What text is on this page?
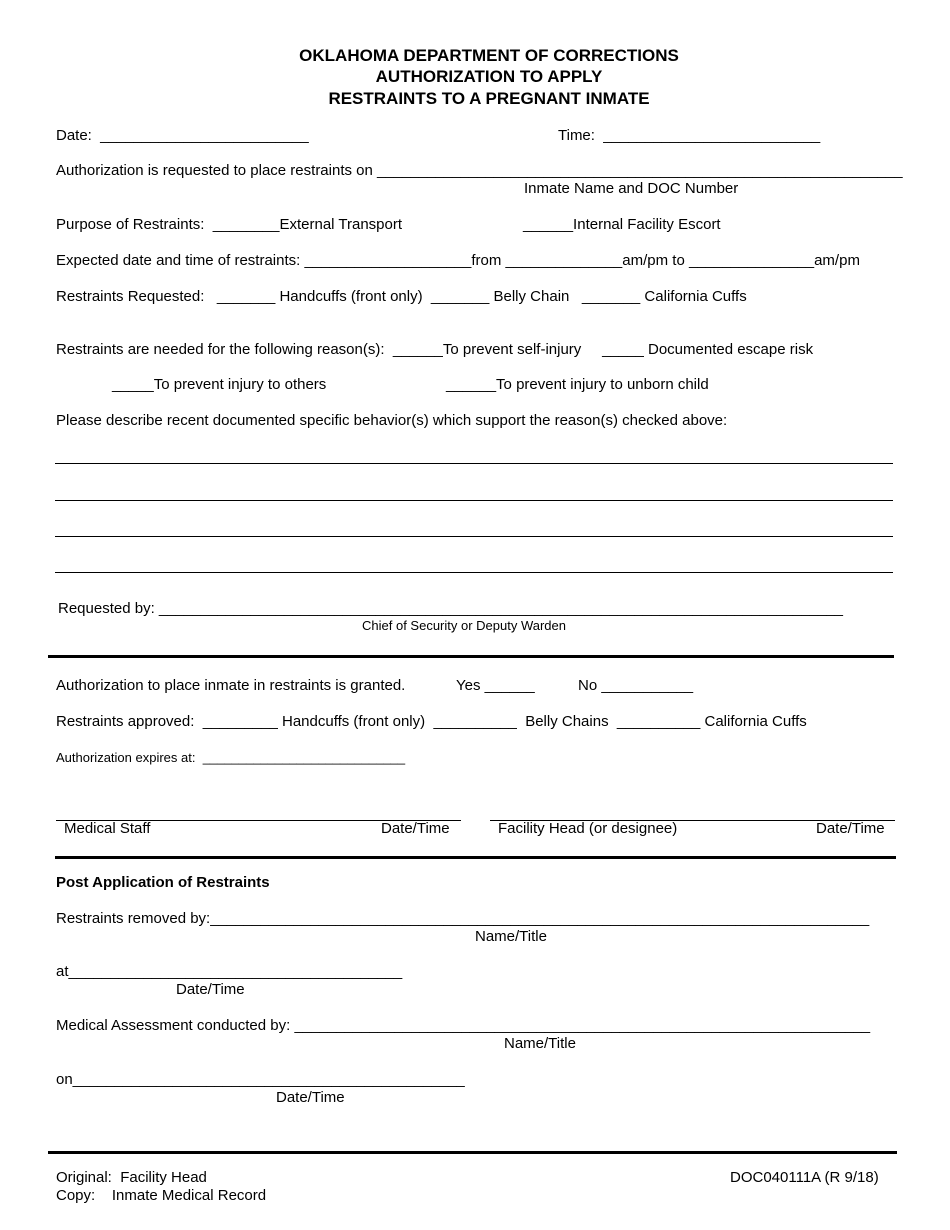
OKLAHOMA DEPARTMENT OF CORRECTIONS
AUTHORIZATION TO APPLY
RESTRAINTS TO A PREGNANT INMATE
Date:  _________________________	Time:  __________________________
Authorization is requested to place restraints on _______________________________________________________________
Inmate Name and DOC Number
Purpose of Restraints:  ________External Transport	______Internal Facility Escort
Expected date and time of restraints: ____________________from ______________am/pm to _______________am/pm
Restraints Requested:   _______ Handcuffs (front only)  _______ Belly Chain   _______ California Cuffs
Restraints are needed for the following reason(s):  ______To prevent self-injury     _____ Documented escape risk
_____To prevent injury to others	______To prevent injury to unborn child
Please describe recent documented specific behavior(s) which support the reason(s) checked above:
Requested by: __________________________________________________________________________________
Chief of Security or Deputy Warden
Authorization to place inmate in restraints is granted.	Yes ______	No ___________
Restraints approved:  _________ Handcuffs (front only)  __________  Belly Chains  __________ California Cuffs
Authorization expires at:  ____________________________
Medical Staff	Date/Time	Facility Head (or designee)	Date/Time
Post Application of Restraints
Restraints removed by:_______________________________________________________________________________
Name/Title
at________________________________________
Date/Time
Medical Assessment conducted by: _____________________________________________________________________
Name/Title
on_______________________________________________
Date/Time
Original:  Facility Head
Copy:    Inmate Medical Record
DOC040111A (R 9/18)
